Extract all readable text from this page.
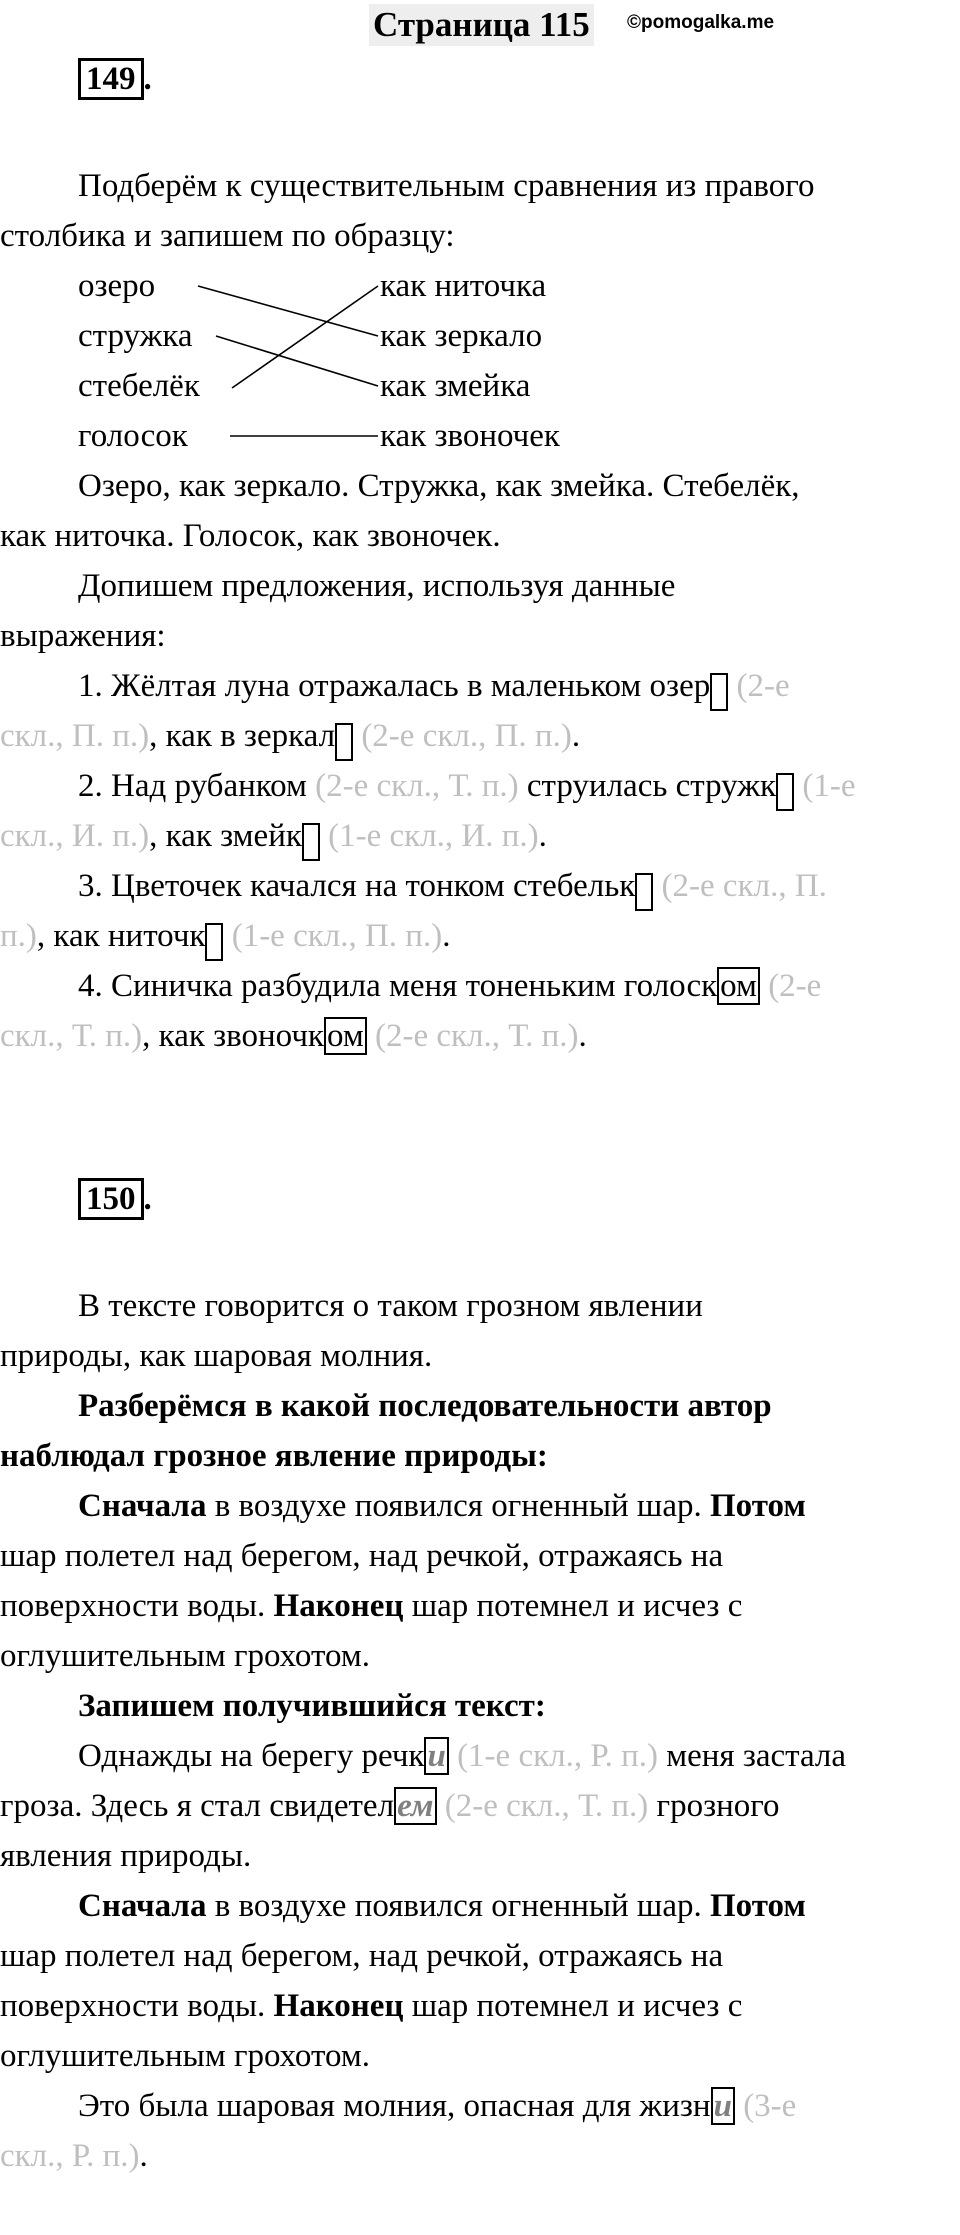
Страница 115 ©pomogalka.me
149 .
Подберём к существительным сравнения из правого
столбика и запишем по образцу:
озеро
стружка
стебелёк
голосок
как ниточка
как зеркало
как змейка
как звоночек
Озеро, как зеркало. Стружка, как змейка. Стебелёк,
как ниточка. Голосок, как звоночек.
Допишем предложения, используя данные
выражения:
1. Жёлтая луна отражалась в маленьком озер (2-е
скл., П. п.), как в зеркал (2-е скл., П. п.).
2. Над рубанком (2-е скл., Т. п.) струилась стружк (1-е
скл., И. п.), как змейк (1-е скл., И. п.).
3. Цветочек качался на тонком стебельк (2-е скл., П.
п.), как ниточк (1-е скл., П. п.).
4. Синичка разбудила меня тоненьким голоском (2-е
скл., Т. п.), как звоночком (2-е скл., Т. п.).
150 .
В тексте говорится о таком грозном явлении
природы, как шаровая молния.
Разберёмся в какой последовательности автор
наблюдал грозное явление природы:
Сначала в воздухе появился огненный шар. Потом
шар полетел над берегом, над речкой, отражаясь на
поверхности воды. Наконец шар потемнел и исчез с
оглушительным грохотом.
Запишем получившийся текст:
Однажды на берегу речки (1-е скл., Р. п.) меня застала
гроза. Здесь я стал свидетелем (2-е скл., Т. п.) грозного
явления природы.
Сначала в воздухе появился огненный шар. Потом
шар полетел над берегом, над речкой, отражаясь на
поверхности воды. Наконец шар потемнел и исчез с
оглушительным грохотом.
Это была шаровая молния, опасная для жизни (3-е
скл., Р. п.).
